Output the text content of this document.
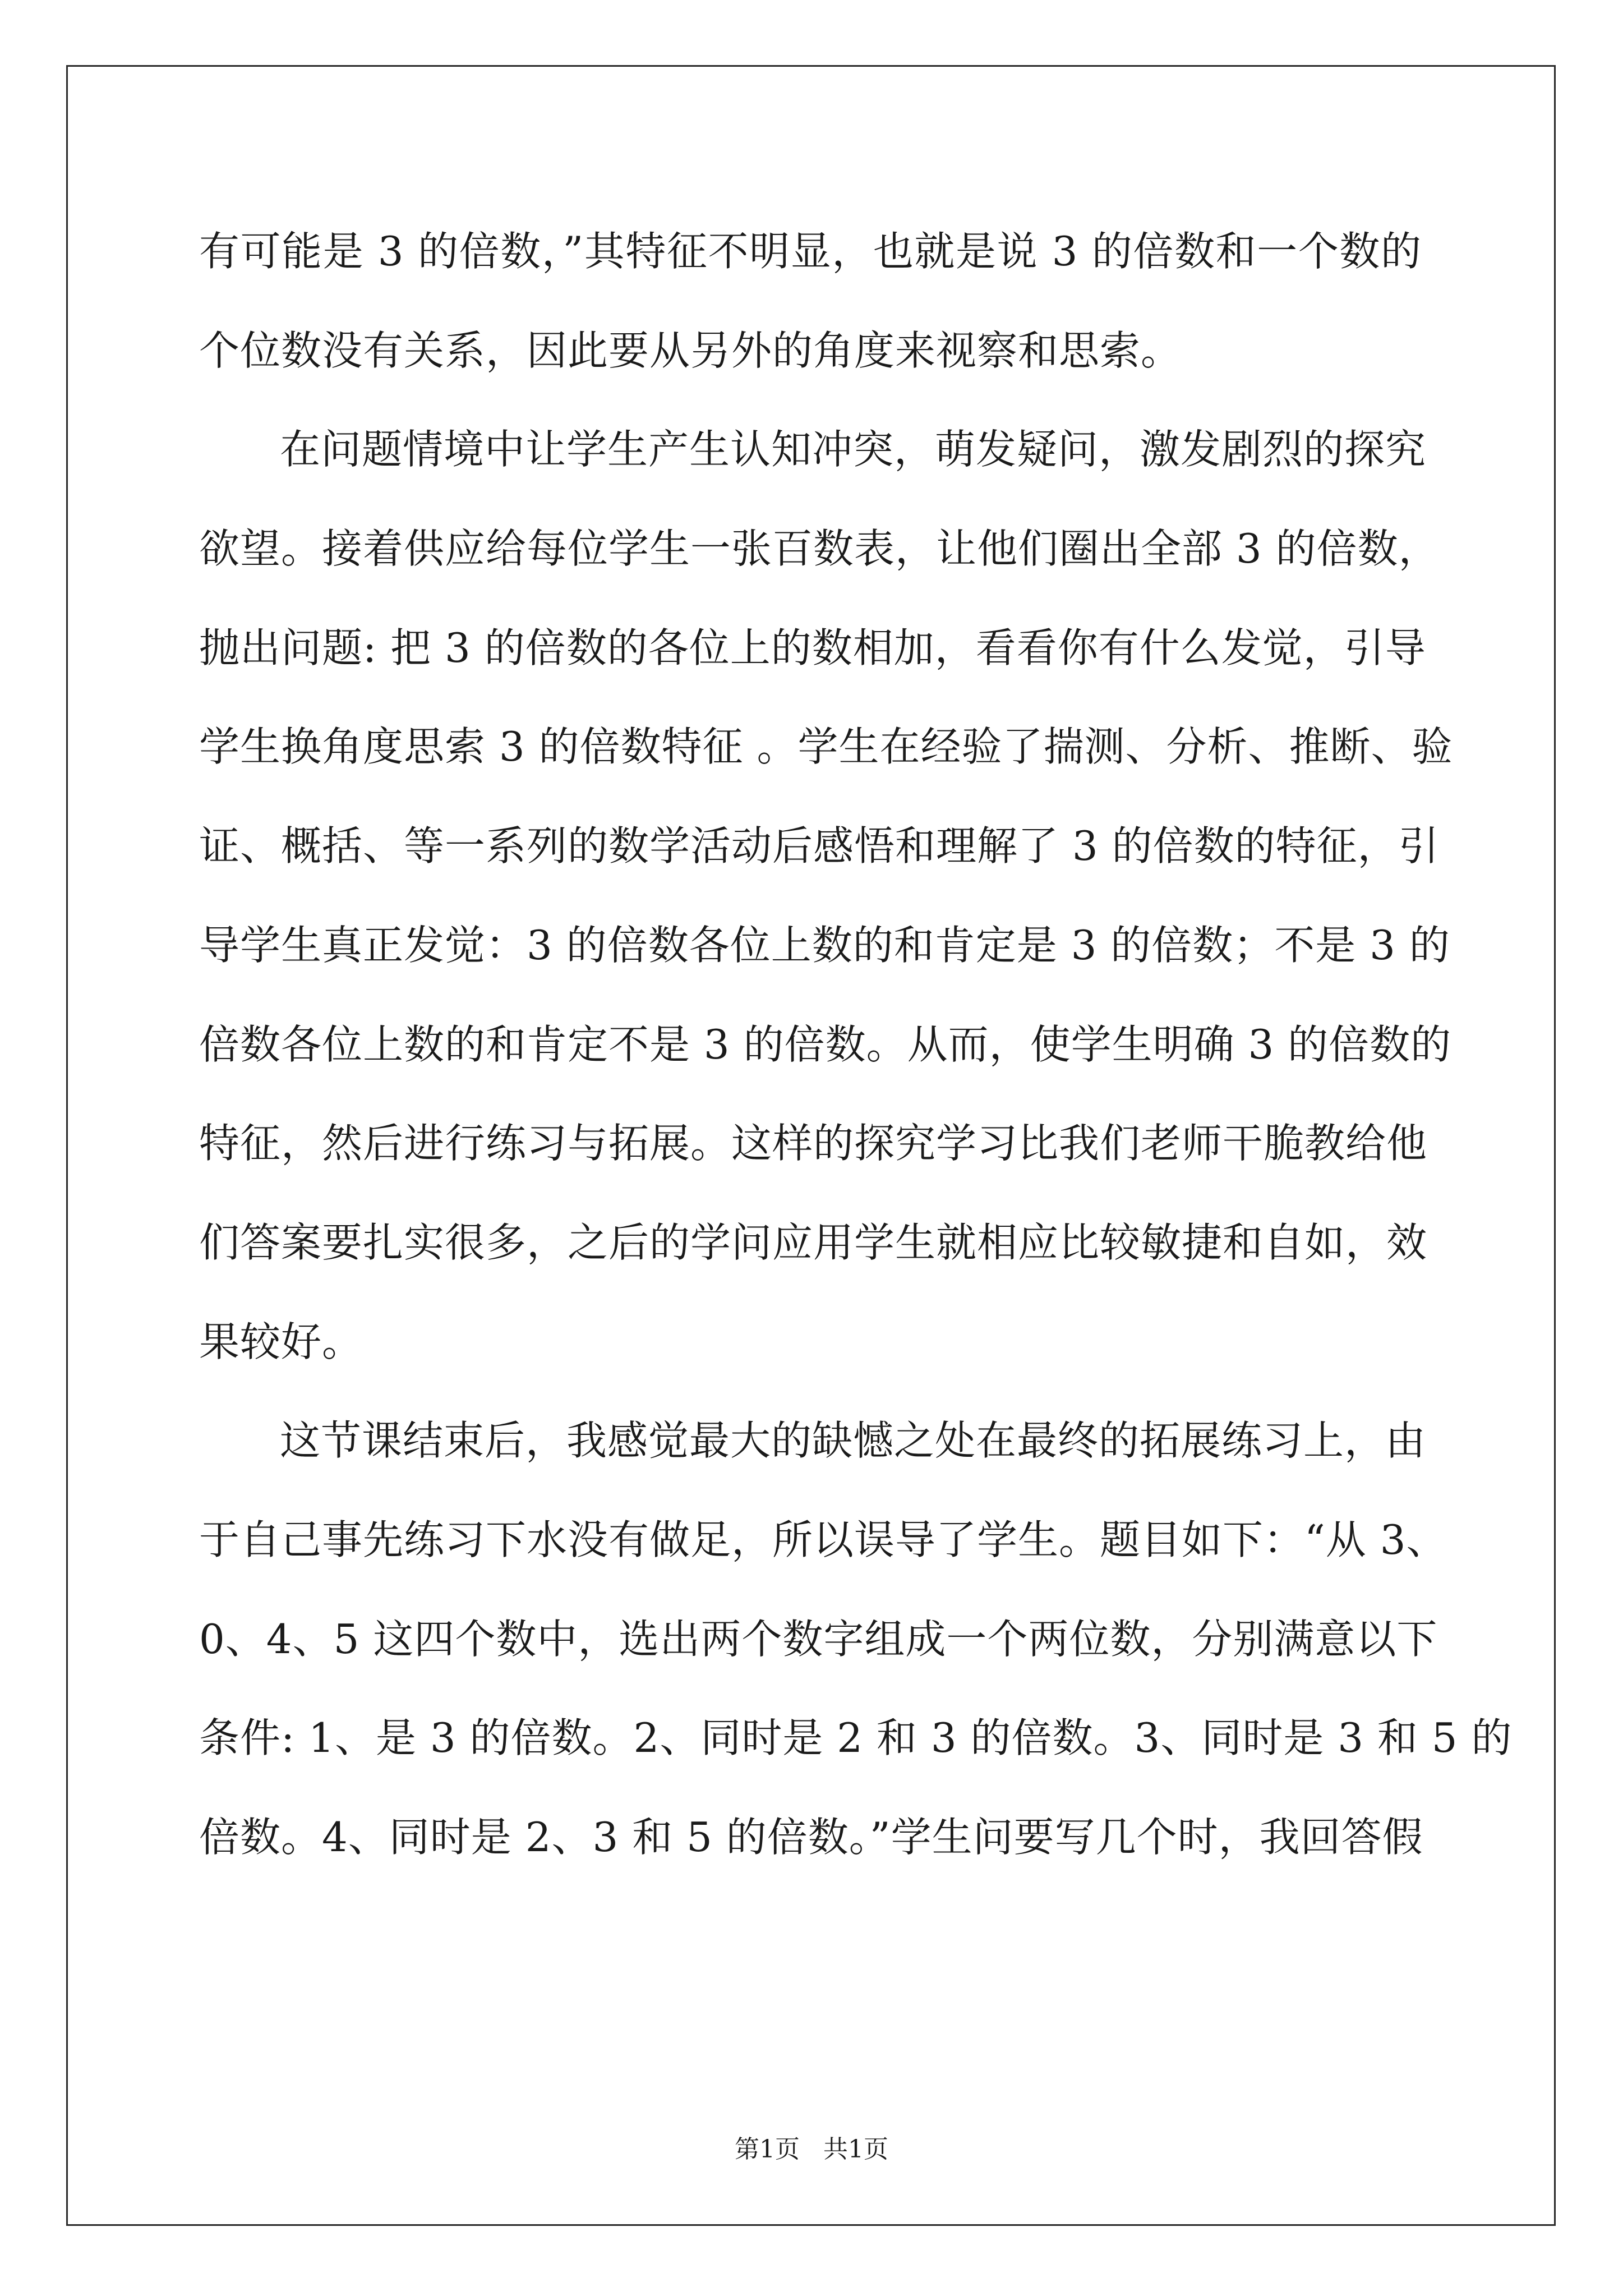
有可能是 3 的倍数，”其特征不明显，也就是说 3 的倍数和一个数的
个位数没有关系，因此要从另外的角度来视察和思索。
在问题情境中让学生产生认知冲突，萌发疑问，激发剧烈的探究
欲望。接着供应给每位学生一张百数表，让他们圈出全部 3 的倍数，
抛出问题: 把 3 的倍数的各位上的数相加，看看你有什么发觉，引导
学生换角度思索 3 的倍数特征 。学生在经验了揣测、分析、推断、验
证、概括、等一系列的数学活动后感悟和理解了 3 的倍数的特征，引
导学生真正发觉：3 的倍数各位上数的和肯定是 3 的倍数；不是 3 的
倍数各位上数的和肯定不是 3 的倍数。从而，使学生明确 3 的倍数的
特征，然后进行练习与拓展。这样的探究学习比我们老师干脆教给他
们答案要扎实很多，之后的学问应用学生就相应比较敏捷和自如，效
果较好。
这节课结束后，我感觉最大的缺憾之处在最终的拓展练习上，由
于自己事先练习下水没有做足，所以误导了学生。题目如下：“从 3、
0、4、5 这四个数中，选出两个数字组成一个两位数，分别满意以下
条件: 1、是 3 的倍数。2、同时是 2 和 3 的倍数。3、同时是 3 和 5 的
倍数。4、同时是 2、3 和 5 的倍数。”学生问要写几个时，我回答假
第1页   共1页
